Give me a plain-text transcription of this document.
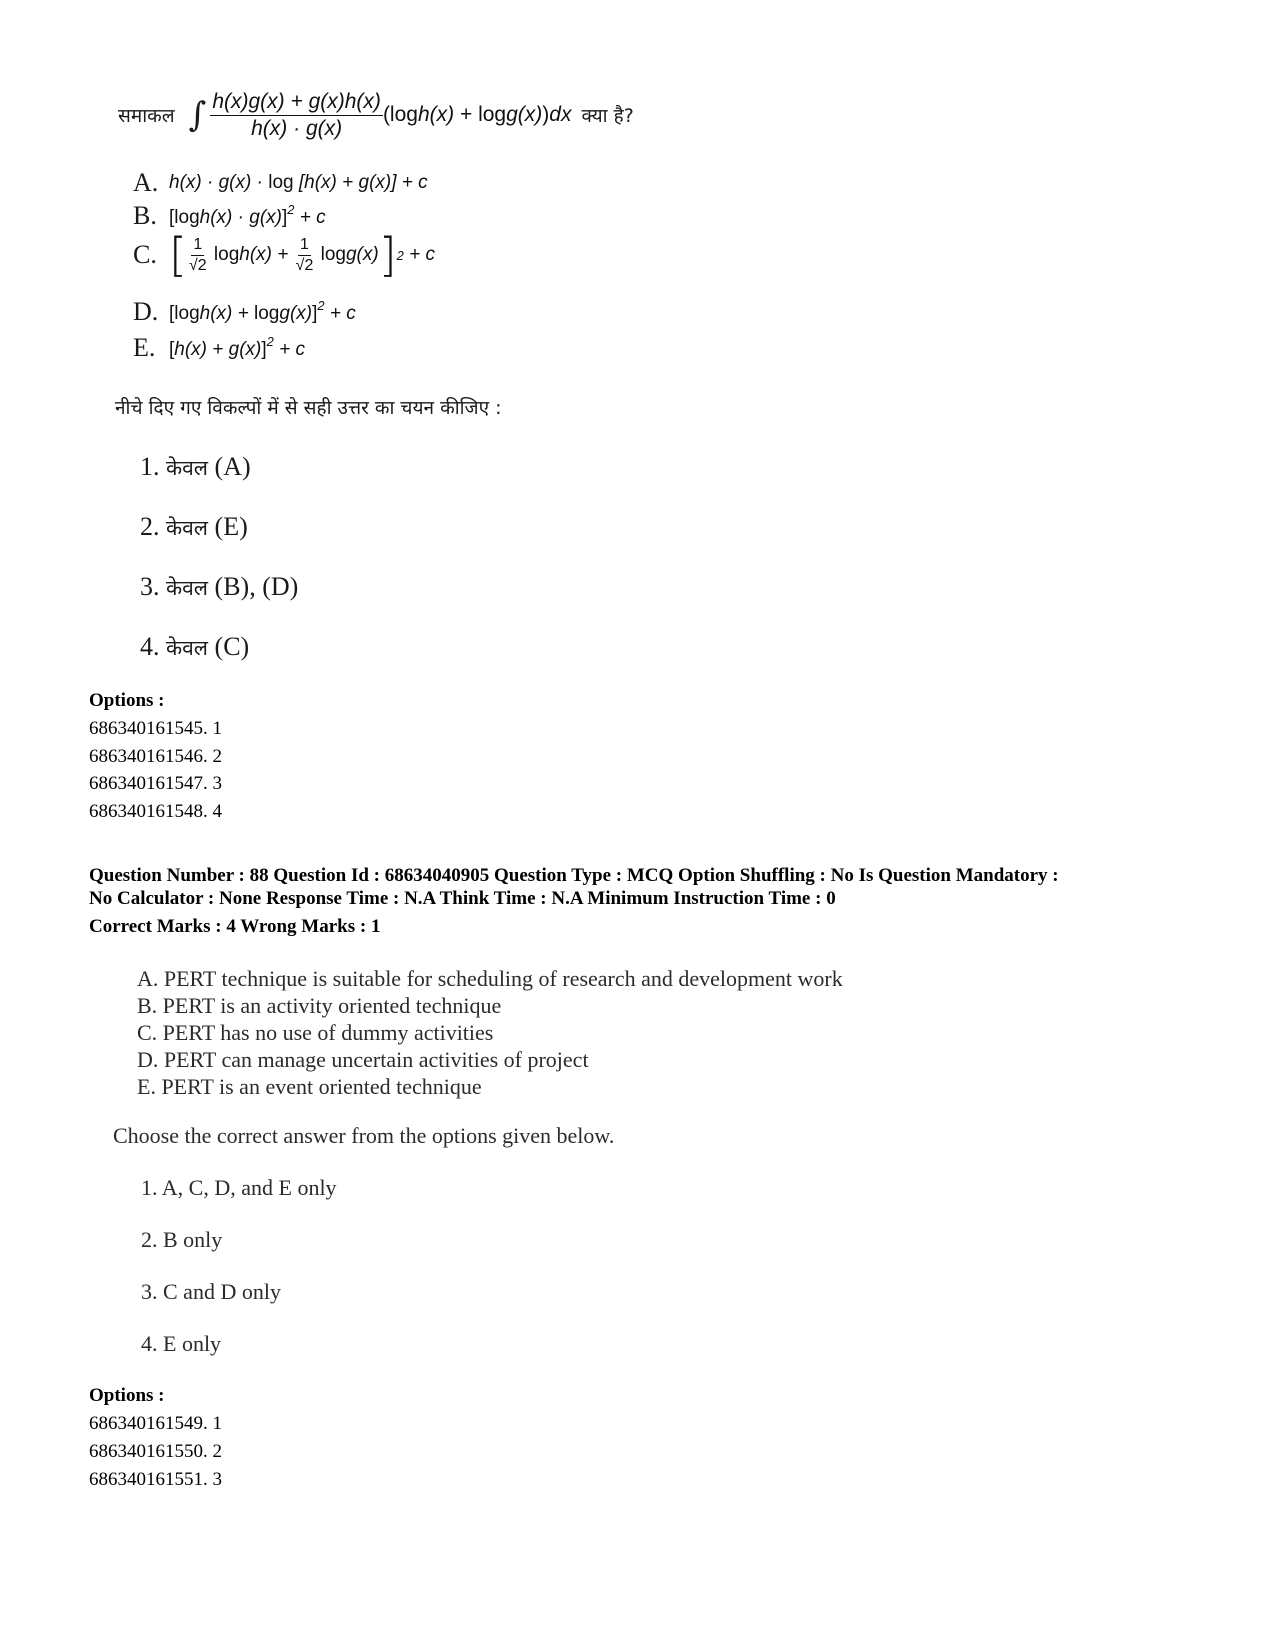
समाकल ∫ $\frac{h(x)g(x) + g(x)h(x)}{h(x) \cdot g(x)} (\log h(x) + \log g(x))dx$ क्या है?
A. h(x) · g(x) · log [h(x) + g(x)] + c
B. $[\log h(x) \cdot g(x)]^2 + c$
C. [ $\frac{1}{√2}$ $\log h(x) + \frac{1}{√2}$ log g(x) ] 2 + c
D. $[\log h(x) + \log g(x)]^2 + c$
E. $[h(x) + g(x)]^2 + c$
नीचे दिए गए विकल्पों में से सही उत्तर का चयन कीजिए :
1. केवल (A)
2. केवल (E)
3. केवल (B), (D)
4. केवल (C)
Options :
686340161545. 1
686340161546. 2
686340161547. 3
686340161548. 4
Question Number : 88 Question Id : 68634040905 Question Type : MCQ Option Shuffling : No Is Question Mandatory :
No Calculator : None Response Time : N.A Think Time : N.A Minimum Instruction Time : 0
Correct Marks : 4 Wrong Marks : 1
A. PERT technique is suitable for scheduling of research and development work
B. PERT is an activity oriented technique
C. PERT has no use of dummy activities
D. PERT can manage uncertain activities of project
E. PERT is an event oriented technique
Choose the correct answer from the options given below.
1. A, C, D, and E only
2. B only
3. C and D only
4. E only
Options :
686340161549. 1
686340161550. 2
686340161551. 3
